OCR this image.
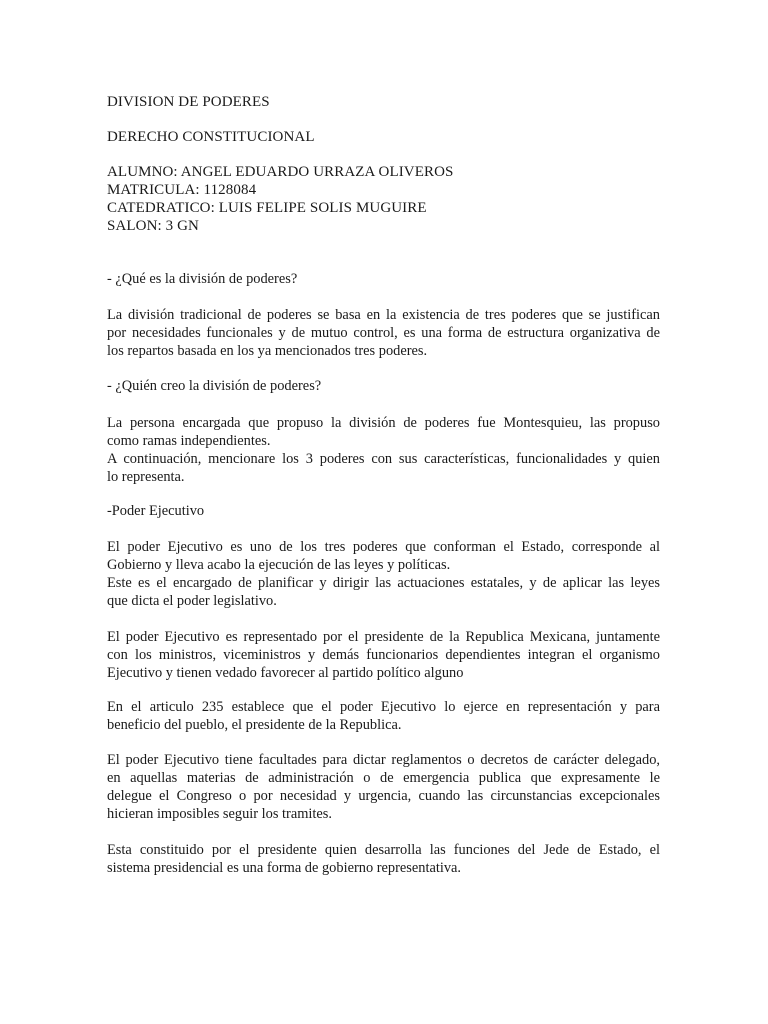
DIVISION DE PODERES
DERECHO CONSTITUCIONAL
ALUMNO: ANGEL EDUARDO URRAZA OLIVEROS
MATRICULA: 1128084
CATEDRATICO: LUIS FELIPE SOLIS MUGUIRE
SALON: 3 GN
- ¿Qué es la división de poderes?
La división tradicional de poderes se basa en la existencia de tres poderes que se justifican
por necesidades funcionales y de mutuo control, es una forma de estructura organizativa de
los repartos basada en los ya mencionados tres poderes.
- ¿Quién creo la división de poderes?
La persona encargada que propuso la división de poderes fue Montesquieu, las propuso
como ramas independientes.
A continuación, mencionare los 3 poderes con sus características, funcionalidades y quien
lo representa.
-Poder Ejecutivo
El poder Ejecutivo es uno de los tres poderes que conforman el Estado, corresponde al
Gobierno y lleva acabo la ejecución de las leyes y políticas.
Este es el encargado de planificar y dirigir las actuaciones estatales, y de aplicar las leyes
que dicta el poder legislativo.
El poder Ejecutivo es representado por el presidente de la Republica Mexicana, juntamente
con los ministros, viceministros y demás funcionarios dependientes integran el organismo
Ejecutivo y tienen vedado favorecer al partido político alguno
En el articulo 235 establece que el poder Ejecutivo lo ejerce en representación y para
beneficio del pueblo, el presidente de la Republica.
El poder Ejecutivo tiene facultades para dictar reglamentos o decretos de carácter delegado,
en aquellas materias de administración o de emergencia publica que expresamente le
delegue el Congreso o por necesidad y urgencia, cuando las circunstancias excepcionales
hicieran imposibles seguir los tramites.
Esta constituido por el presidente quien desarrolla las funciones del Jede de Estado, el
sistema presidencial es una forma de gobierno representativa.
